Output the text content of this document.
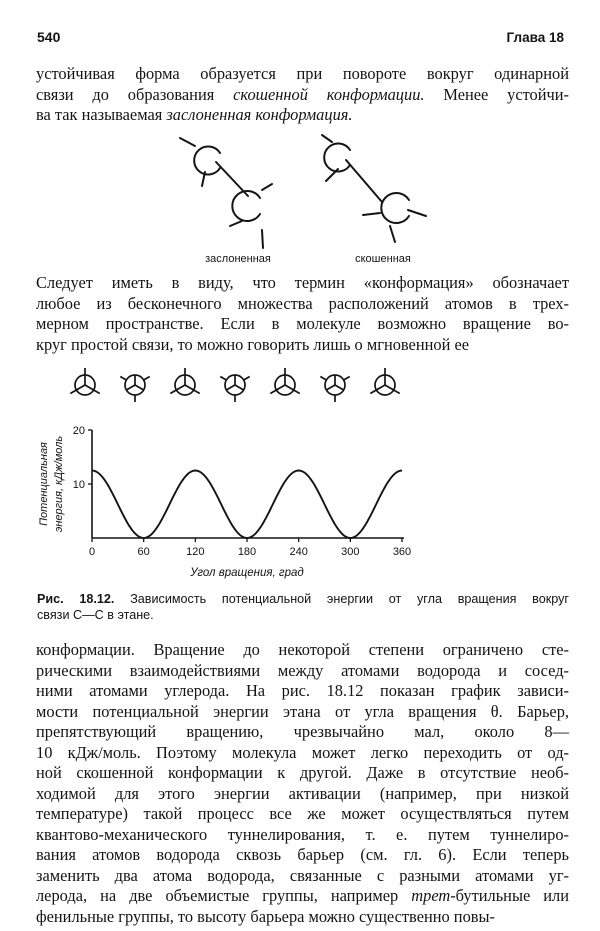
540	Глава 18
устойчивая форма образуется при повороте вокруг одинарной
связи до образования скошенной конформации. Менее устойчи-
ва так называемая заслоненная конформация.
заслоненная	скошенная
Следует иметь в виду, что термин «конформация» обозначает
любое из бесконечного множества расположений атомов в трех-
мерном пространстве. Если в молекуле возможно вращение во-
круг простой связи, то можно говорить лишь о мгновенной ее
0	60	120	180	240	300	360
10
20
Угол вращения, град
Потенциальная энергия, кДж/моль
Рис. 18.12. Зависимость потенциальной энергии от угла вращения вокруг
связи С—С в этане.
конформации. Вращение до некоторой степени ограничено сте-
рическими взаимодействиями между атомами водорода и сосед-
ними атомами углерода. На рис. 18.12 показан график зависи-
мости потенциальной энергии этана от угла вращения θ. Барьер,
препятствующий вращению, чрезвычайно мал, около 8—
10 кДж/моль. Поэтому молекула может легко переходить от од-
ной скошенной конформации к другой. Даже в отсутствие необ-
ходимой для этого энергии активации (например, при низкой
температуре) такой процесс все же может осуществляться путем
квантово-механического туннелирования, т. е. путем туннелиро-
вания атомов водорода сквозь барьер (см. гл. 6). Если теперь
заменить два атома водорода, связанные с разными атомами уг-
лерода, на две объемистые группы, например трет-бутильные или
фенильные группы, то высоту барьера можно существенно повы-
